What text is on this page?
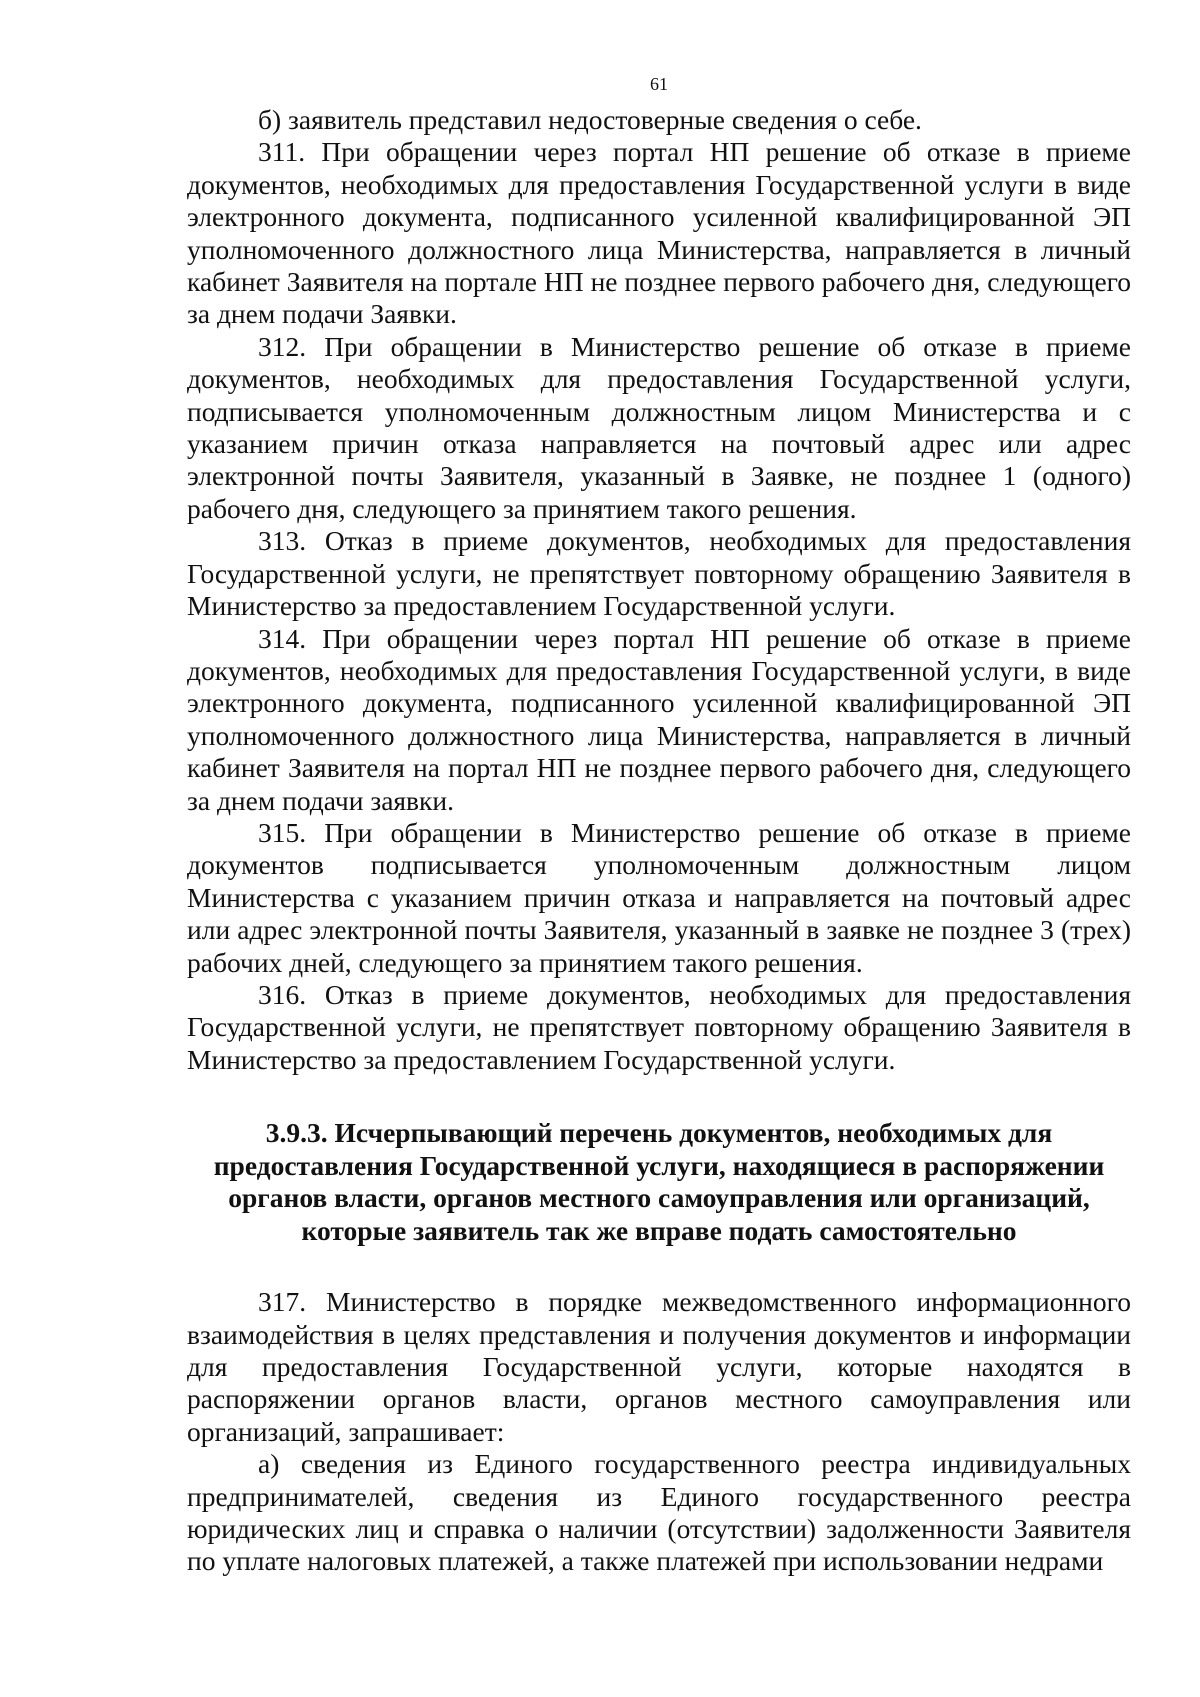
61

б) заявитель представил недостоверные сведения о себе.

311. При обращении через портал НП решение об отказе в приеме документов, необходимых для предоставления Государственной услуги в виде электронного документа, подписанного усиленной квалифицированной ЭП уполномоченного должностного лица Министерства, направляется в личный кабинет Заявителя на портале НП не позднее первого рабочего дня, следующего за днем подачи Заявки.

312. При обращении в Министерство решение об отказе в приеме документов, необходимых для предоставления Государственной услуги, подписывается уполномоченным должностным лицом Министерства и с указанием причин отказа направляется на почтовый адрес или адрес электронной почты Заявителя, указанный в Заявке, не позднее 1 (одного) рабочего дня, следующего за принятием такого решения.

313. Отказ в приеме документов, необходимых для предоставления Государственной услуги, не препятствует повторному обращению Заявителя в Министерство за предоставлением Государственной услуги.

314. При обращении через портал НП решение об отказе в приеме документов, необходимых для предоставления Государственной услуги, в виде электронного документа, подписанного усиленной квалифицированной ЭП уполномоченного должностного лица Министерства, направляется в личный кабинет Заявителя на портал НП не позднее первого рабочего дня, следующего за днем подачи заявки.

315. При обращении в Министерство решение об отказе в приеме документов подписывается уполномоченным должностным лицом Министерства с указанием причин отказа и направляется на почтовый адрес или адрес электронной почты Заявителя, указанный в заявке не позднее 3 (трех) рабочих дней, следующего за принятием такого решения.

316. Отказ в приеме документов, необходимых для предоставления Государственной услуги, не препятствует повторному обращению Заявителя в Министерство за предоставлением Государственной услуги.

3.9.3. Исчерпывающий перечень документов, необходимых для
предоставления Государственной услуги, находящиеся в распоряжении
органов власти, органов местного самоуправления или организаций,
которые заявитель так же вправе подать самостоятельно

317. Министерство в порядке межведомственного информационного взаимодействия в целях представления и получения документов и информации для предоставления Государственной услуги, которые находятся в распоряжении органов власти, органов местного самоуправления или организаций, запрашивает:

а) сведения из Единого государственного реестра индивидуальных предпринимателей, сведения из Единого государственного реестра юридических лиц и справка о наличии (отсутствии) задолженности Заявителя по уплате налоговых платежей, а также платежей при использовании недрами
